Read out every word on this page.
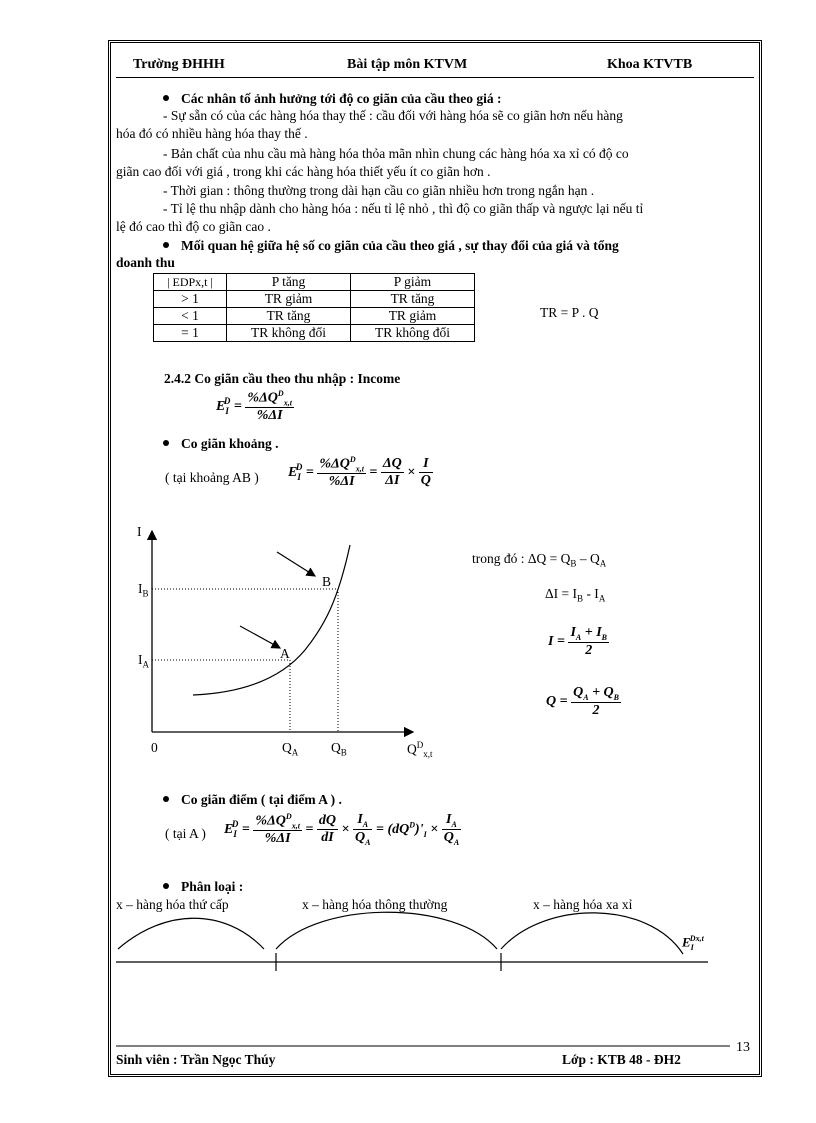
Trường ĐHHH	Bài tập môn KTVM	Khoa KTVTB
Các nhân tố ảnh hưởng tới độ co giãn của cầu theo giá :
- Sự sẵn có của các hàng hóa thay thế : cầu đối với hàng hóa sẽ co giãn hơn nếu hàng
hóa đó có nhiều hàng hóa thay thế .
- Bản chất của nhu cầu mà hàng hóa thỏa mãn nhìn chung các hàng hóa xa xỉ có độ co
giãn cao đối với giá , trong khi các hàng hóa thiết yếu ít co giãn hơn .
- Thời gian : thông thường trong dài hạn cầu co giãn nhiều hơn trong ngắn hạn .
- Tỉ lệ thu nhập dành cho hàng hóa : nếu tỉ lệ nhỏ , thì độ co giãn thấp và ngược lại nếu tỉ
lệ đó cao thì độ co giãn cao .
Mối quan hệ giữa hệ số co giãn của cầu theo giá , sự thay đổi của giá và tổng
doanh thu
| EDPx,t |	P tăng	P giảm
> 1	TR giảm	TR tăng
< 1	TR tăng	TR giảm
= 1	TR không đổi	TR không đổi
TR = P . Q
2.4.2 Co giãn cầu theo thu nhập : Income
$E_I^D = \frac{\%\Delta Q^D_{x,t}}{\%\Delta I}$
Co giãn khoảng .
( tại khoảng AB ) $E_I^D = \frac{\%\Delta Q^D_{x,t}}{\%\Delta I} = \frac{\Delta Q}{\Delta I} \times \frac{I}{Q}$
I
0
$I_B$
$I_A$
$Q_A$ $Q_B$	$Q^D_{x,t}$
A
B
trong đó : $\Delta Q = Q_B - Q_A$
$\Delta I = I_B - I_A$
$I = \frac{I_A + I_B}{2}$
$Q = \frac{Q_A + Q_B}{2}$
Co giãn điểm ( tại điểm A ) .
( tại A ) $E_I^D = \frac{\%\Delta Q^D_{x,t}}{\%\Delta I} = \frac{dQ}{dI} \times \frac{I_A}{Q_A} = (dQ^D)'_I \times \frac{I_A}{Q_A}$
Phân loại :
x – hàng hóa thứ cấp	x – hàng hóa thông thường	x – hàng hóa xa xỉ
$E_I^{Dx,t}$
Sinh viên : Trần Ngọc Thúy	Lớp : KTB 48 - ĐH2
13
